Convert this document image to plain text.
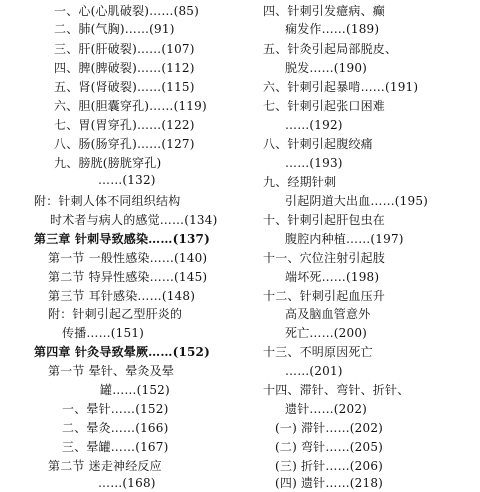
一、心(心肌破裂)……(85)
二、肺(气胸)……(91)
三、肝(肝破裂)……(107)
四、脾(脾破裂)……(112)
五、肾(肾破裂)……(115)
六、胆(胆囊穿孔)……(119)
七、胃(胃穿孔)……(122)
八、肠(肠穿孔)……(127)
九、膀胱(膀胱穿孔)
……(132)
附：针刺人体不同组织结构
时术者与病人的感觉……(134)
第三章 针刺导致感染……(137)
第一节 一般性感染……(140)
第二节 特异性感染……(145)
第三节 耳针感染……(148)
附：针刺引起乙型肝炎的
传播……(151)
第四章 针灸导致晕厥……(152)
第一节 晕针、晕灸及晕
罐……(152)
一、晕针……(152)
二、晕灸……(166)
三、晕罐……(167)
第二节 迷走神经反应
……(168)
四、针刺引发癔病、癫
痫发作……(189)
五、针灸引起局部脱皮、
脱发……(190)
六、针刺引起暴啃……(191)
七、针刺引起张口困难
……(192)
八、针刺引起腹绞痛
……(193)
九、经期针刺
引起阴道大出血……(195)
十、针刺引起肝包虫在
腹腔内种植……(197)
十一、穴位注射引起肢
端坏死……(198)
十二、针刺引起血压升
高及脑血管意外
死亡……(200)
十三、不明原因死亡
……(201)
十四、滞针、弯针、折针、
遗针……(202)
(一) 滞针……(202)
(二) 弯针……(205)
(三) 折针……(206)
(四) 遗针……(218)
